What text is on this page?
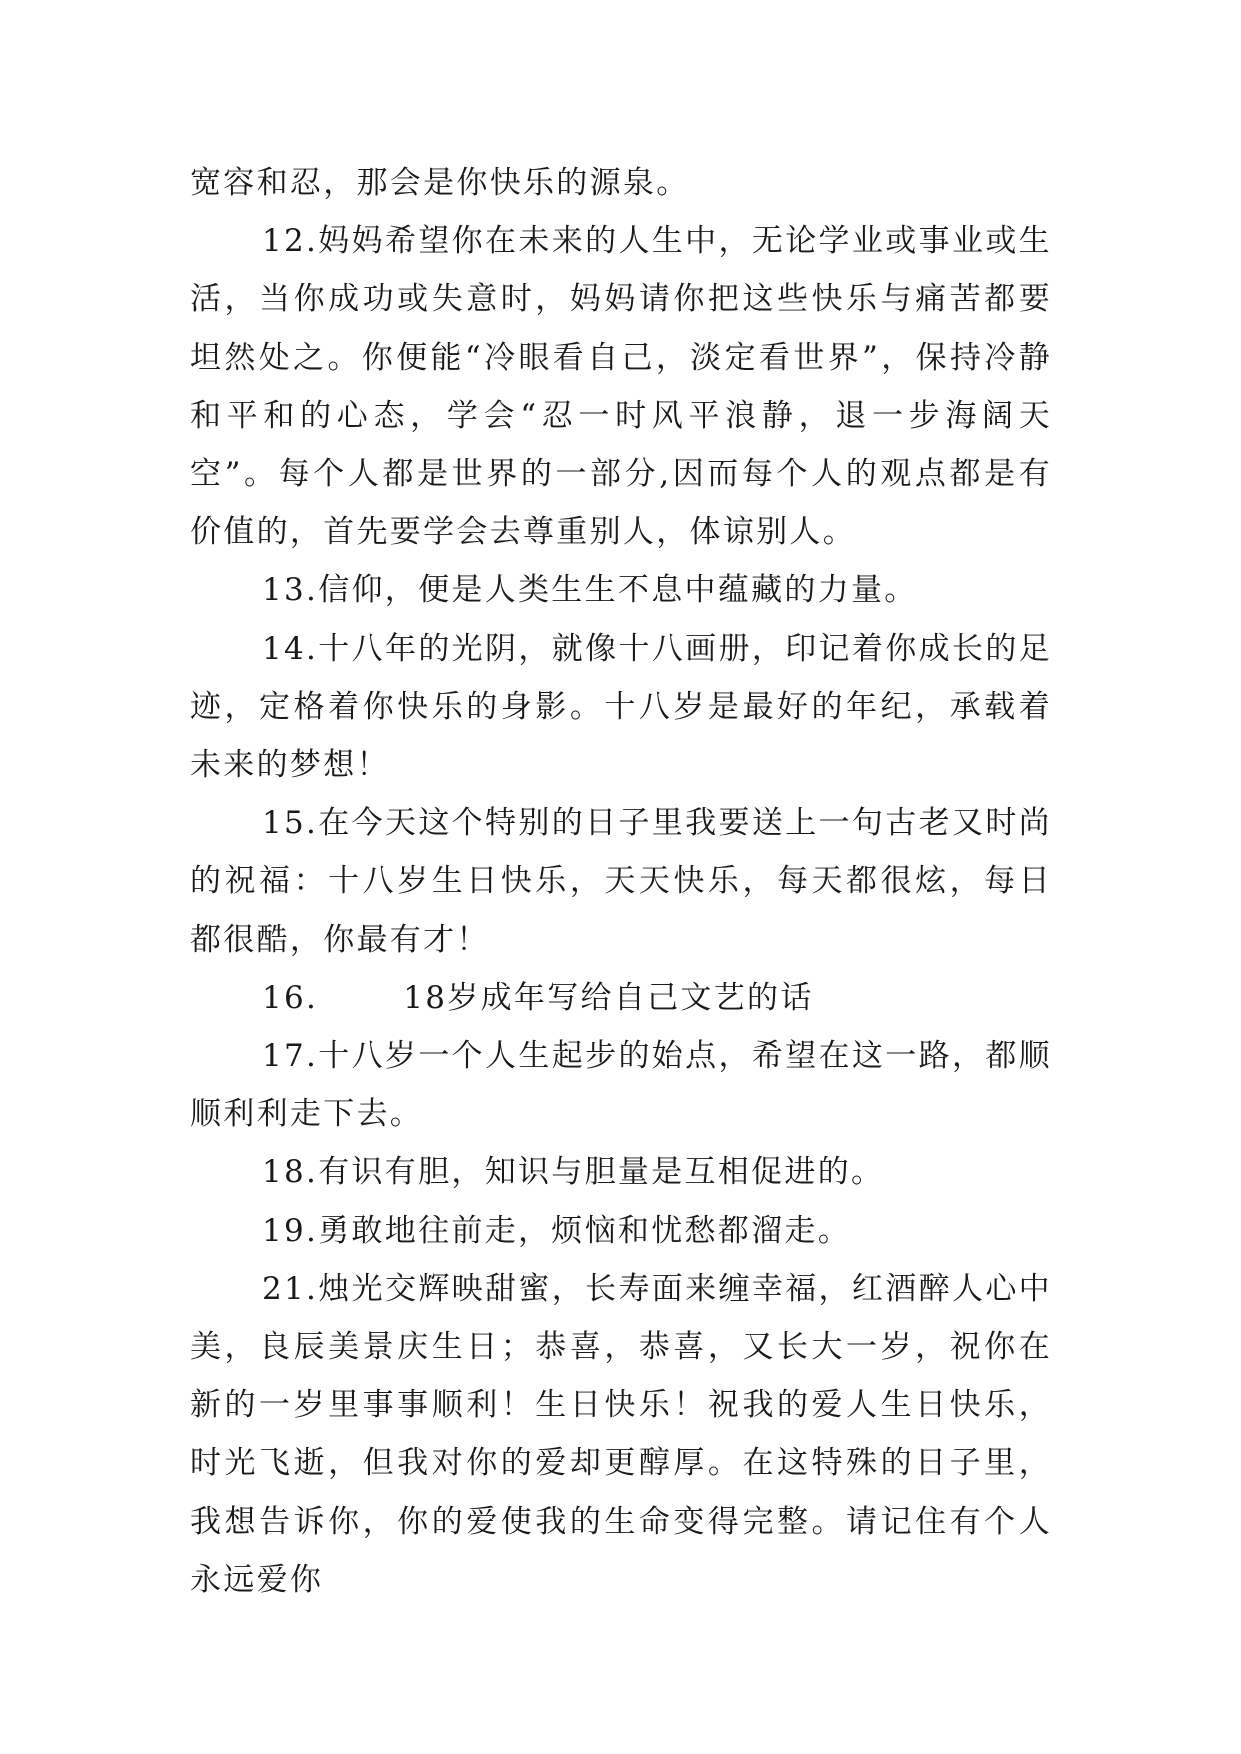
宽容和忍，那会是你快乐的源泉。

12.妈妈希望你在未来的人生中，无论学业或事业或生活，当你成功或失意时，妈妈请你把这些快乐与痛苦都要坦然处之。你便能“冷眼看自己，淡定看世界”，保持冷静和平和的心态，学会“忍一时风平浪静，退一步海阔天空”。每个人都是世界的一部分,因而每个人的观点都是有价值的，首先要学会去尊重别人，体谅别人。

13.信仰，便是人类生生不息中蕴藏的力量。

14.十八年的光阴，就像十八画册，印记着你成长的足迹，定格着你快乐的身影。十八岁是最好的年纪，承载着未来的梦想！

15.在今天这个特别的日子里我要送上一句古老又时尚的祝福：十八岁生日快乐，天天快乐，每天都很炫，每日都很酷，你最有才！

16.       18岁成年写给自己文艺的话

17.十八岁一个人生起步的始点，希望在这一路，都顺顺利利走下去。

18.有识有胆，知识与胆量是互相促进的。

19.勇敢地往前走，烦恼和忧愁都溜走。

21.烛光交辉映甜蜜，长寿面来缠幸福，红酒醉人心中美，良辰美景庆生日；恭喜，恭喜，又长大一岁，祝你在新的一岁里事事顺利！生日快乐！祝我的爱人生日快乐，时光飞逝，但我对你的爱却更醇厚。在这特殊的日子里，我想告诉你，你的爱使我的生命变得完整。请记住有个人永远爱你
